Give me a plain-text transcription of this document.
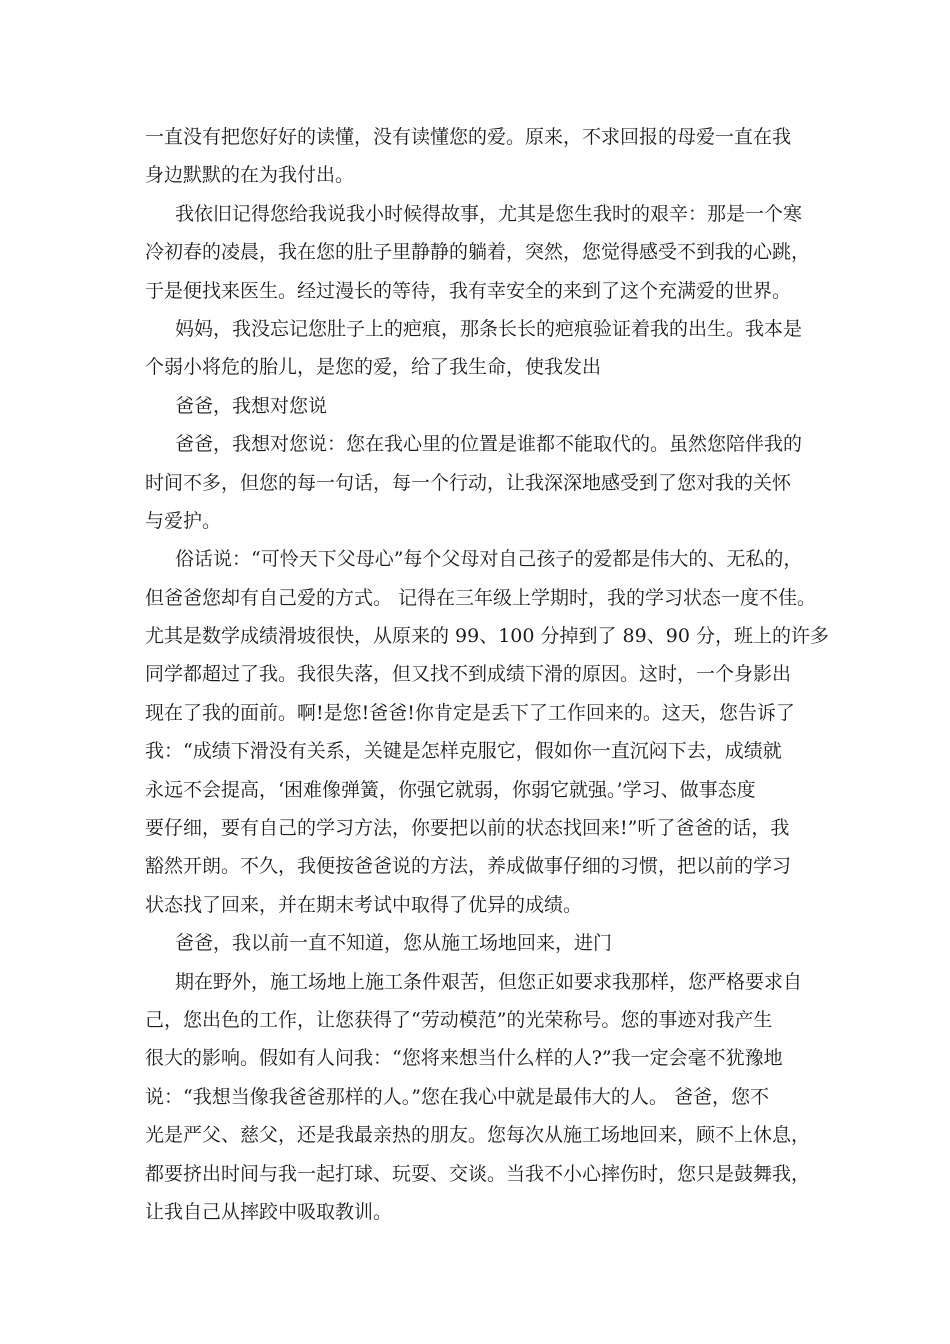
一直没有把您好好的读懂，没有读懂您的爱。原来，不求回报的母爱一直在我
身边默默的在为我付出。
我依旧记得您给我说我小时候得故事，尤其是您生我时的艰辛：那是一个寒
冷初春的凌晨，我在您的肚子里静静的躺着，突然，您觉得感受不到我的心跳，
于是便找来医生。经过漫长的等待，我有幸安全的来到了这个充满爱的世界。
妈妈，我没忘记您肚子上的疤痕，那条长长的疤痕验证着我的出生。我本是
个弱小将危的胎儿，是您的爱，给了我生命，使我发出
爸爸，我想对您说
爸爸，我想对您说：您在我心里的位置是谁都不能取代的。虽然您陪伴我的
时间不多，但您的每一句话，每一个行动，让我深深地感受到了您对我的关怀
与爱护。
俗话说：“可怜天下父母心”每个父母对自己孩子的爱都是伟大的、无私的，
但爸爸您却有自己爱的方式。 记得在三年级上学期时，我的学习状态一度不佳。
尤其是数学成绩滑坡很快，从原来的 99、100 分掉到了 89、90 分，班上的许多
同学都超过了我。我很失落，但又找不到成绩下滑的原因。这时，一个身影出
现在了我的面前。啊!是您!爸爸!你肯定是丢下了工作回来的。这天，您告诉了
我：“成绩下滑没有关系，关键是怎样克服它，假如你一直沉闷下去，成绩就
永远不会提高，‘困难像弹簧，你强它就弱，你弱它就强。’学习、做事态度
要仔细，要有自己的学习方法，你要把以前的状态找回来!”听了爸爸的话，我
豁然开朗。不久，我便按爸爸说的方法，养成做事仔细的习惯，把以前的学习
状态找了回来，并在期末考试中取得了优异的成绩。
爸爸，我以前一直不知道，您从施工场地回来，进门
期在野外，施工场地上施工条件艰苦，但您正如要求我那样，您严格要求自
己，您出色的工作，让您获得了“劳动模范”的光荣称号。您的事迹对我产生
很大的影响。假如有人问我：“您将来想当什么样的人?”我一定会毫不犹豫地
说：“我想当像我爸爸那样的人。”您在我心中就是最伟大的人。 爸爸，您不
光是严父、慈父，还是我最亲热的朋友。您每次从施工场地回来，顾不上休息，
都要挤出时间与我一起打球、玩耍、交谈。当我不小心摔伤时，您只是鼓舞我，
让我自己从摔跤中吸取教训。
